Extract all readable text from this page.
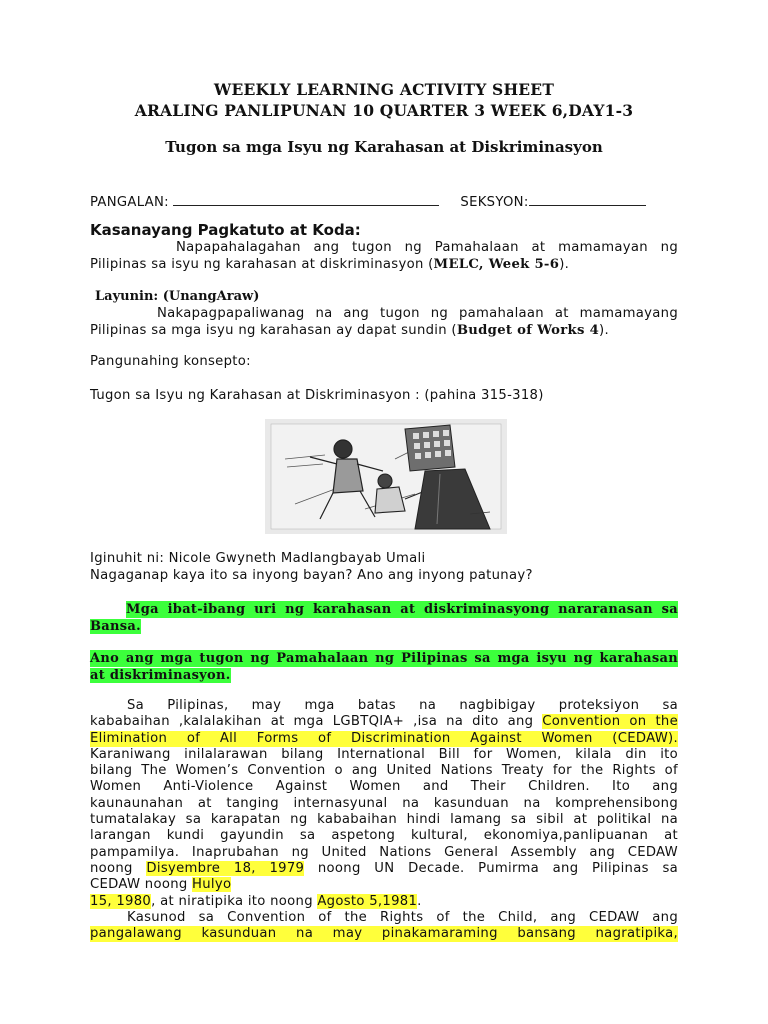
WEEKLY LEARNING ACTIVITY SHEET
ARALING PANLIPUNAN 10 QUARTER 3 WEEK 6,DAY1-3
Tugon sa mga Isyu ng Karahasan at Diskriminasyon
PANGALAN:	SEKSYON:
Kasanayang Pagkatuto at Koda:
Napapahalagahan ang tugon ng Pamahalaan at mamamayan ng Pilipinas sa isyu ng karahasan at diskriminasyon (MELC, Week 5-6).
Layunin: (UnangAraw)
Nakapagpapaliwanag na ang tugon ng pamahalaan at mamamayang Pilipinas sa mga isyu ng karahasan ay dapat sundin (Budget of Works 4).
Pangunahing konsepto:
Tugon sa Isyu ng Karahasan at Diskriminasyon : (pahina 315-318)
Iginuhit ni: Nicole Gwyneth Madlangbayab Umali
Nagaganap kaya ito sa inyong bayan? Ano ang inyong patunay?
Mga ibat-ibang uri ng karahasan at diskriminasyong nararanasan sa
Bansa.
Ano ang mga tugon ng Pamahalaan ng Pilipinas sa mga isyu ng karahasan
at diskriminasyon.
Sa Pilipinas, may mga batas na nagbibigay proteksiyon sa
kababaihan ,kalalakihan at mga LGBTQIA+ ,isa na dito ang Convention on the
Elimination of All Forms of Discrimination Against Women (CEDAW).
Karaniwang inilalarawan bilang International Bill for Women, kilala din ito
bilang The Women’s Convention o ang United Nations Treaty for the Rights of
Women Anti-Violence Against Women and Their Children. Ito ang
kaunaunahan at tanging internasyunal na kasunduan na komprehensibong
tumatalakay sa karapatan ng kababaihan hindi lamang sa sibil at politikal na
larangan kundi gayundin sa aspetong kultural, ekonomiya,panlipuanan at
pampamilya. Inaprubahan ng United Nations General Assembly ang CEDAW
noong Disyembre 18, 1979 noong UN Decade. Pumirma ang Pilipinas sa
CEDAW noong Hulyo
15, 1980, at niratipika ito noong Agosto 5,1981.
Kasunod sa Convention of the Rights of the Child, ang CEDAW ang
pangalawang kasunduan na may pinakamaraming bansang nagratipika,
